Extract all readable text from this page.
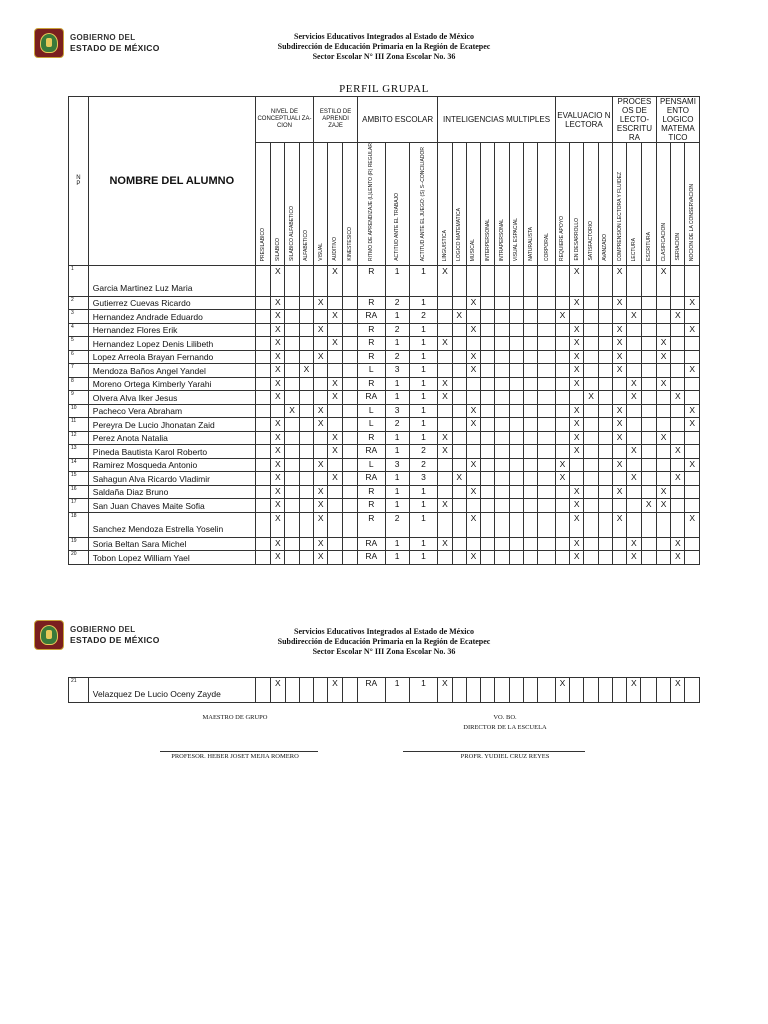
GOBIERNO DEL
ESTADO DE MÉXICO
Servicios Educativos Integrados al Estado de México
Subdirección de Educación Primaria en la Región de Ecatepec
Sector Escolar N° III Zona Escolar No. 36
PERFIL GRUPAL
N
P	NOMBRE DEL ALUMNO	NIVEL DE CONCEPTUALI ZA-CION				ESTILO DE APRENDI ZAJE			AMBITO ESCOLAR			INTELIGENCIAS MULTIPLES								EVALUACIO N LECTORA				PROCES OS DE LECTO-ESCRITU RA			PENSAMI ENTO LOGICO MATEMA TICO		
		PRESILABICO	SILABICO	SILABICO ALFABETICO	ALFABETICO	VISUAL	AUDITIVO	KINESTESICO	RITMO DE APRENDIZAJE (L)LENTO (R) REGULAR	ACTITUD ANTE EL TRABAJO	ACTITUD ANTE EL JUEGO: (S) S--CONCILIADOR	LINGUISTICA	LOGICO MATEMATICA	MUSICAL	INTERPERSONAL	INTRAPERSONAL	VISUAL ESPACIAL	NATURALISTA	CORPORAL	REQUIERE APOYO	EN DESARROLLO	SATISFACTORIO	AVANZADO	COMPRENSION LECTORA Y FLUIDEZ	LECTURA	ESCRITURA	CLASIFICACION	SERIACION	NOCION DE LA CONSERVACION
1	Garcia Martinez Luz Maria		X				X		R	1	1	X									X			X			X		
2	Gutierrez Cuevas Ricardo		X			X			R	2	1			X							X			X					X
3	Hernandez Andrade Eduardo		X				X		RA	1	2		X							X					X			X	
4	Hernandez Flores Erik		X			X			R	2	1			X							X			X					X
5	Hernandez Lopez Denis Lilibeth		X				X		R	1	1	X									X			X			X		
6	Lopez Arreola Brayan Fernando		X			X			R	2	1			X							X			X			X		
7	Mendoza Baños Angel Yandel		X		X				L	3	1			X							X			X					X
8	Moreno Ortega Kimberly Yarahi		X				X		R	1	1	X									X				X		X		
9	Olvera Alva Iker Jesus		X				X		RA	1	1	X										X			X			X	
10	Pacheco Vera Abraham			X		X			L	3	1			X							X			X					X
11	Pereyra De Lucio Jhonatan Zaid		X			X			L	2	1			X							X			X					X
12	Perez Anota Natalia		X				X		R	1	1	X									X			X			X		
13	Pineda Bautista Karol Roberto		X				X		RA	1	2	X									X				X			X	
14	Ramirez Mosqueda Antonio		X			X			L	3	2			X						X				X					X
15	Sahagun Alva Ricardo Vladimir		X				X		RA	1	3		X							X					X			X	
16	Saldaña Diaz Bruno		X			X			R	1	1			X							X			X			X		
17	San Juan Chaves Maite Sofia		X			X			R	1	1	X									X					X	X		
18	Sanchez Mendoza Estrella Yoselin		X			X			R	2	1			X							X			X					X
19	Soria Beltan Sara Michel		X			X			RA	1	1	X									X				X			X	
20	Tobon Lopez William Yael		X			X			RA	1	1			X							X				X			X	
GOBIERNO DEL
ESTADO DE MÉXICO
Servicios Educativos Integrados al Estado de México
Subdirección de Educación Primaria en la Región de Ecatepec
Sector Escolar N° III Zona Escolar No. 36
21	Velazquez De Lucio Oceny Zayde		X				X		RA	1	1	X								X					X			X	
MAESTRO DE GRUPO	VO. BO.
DIRECTOR DE LA ESCUELA
PROFESOR. HEBER JOSET MEJIA ROMERO	PROFR. YUDIEL CRUZ REYES
